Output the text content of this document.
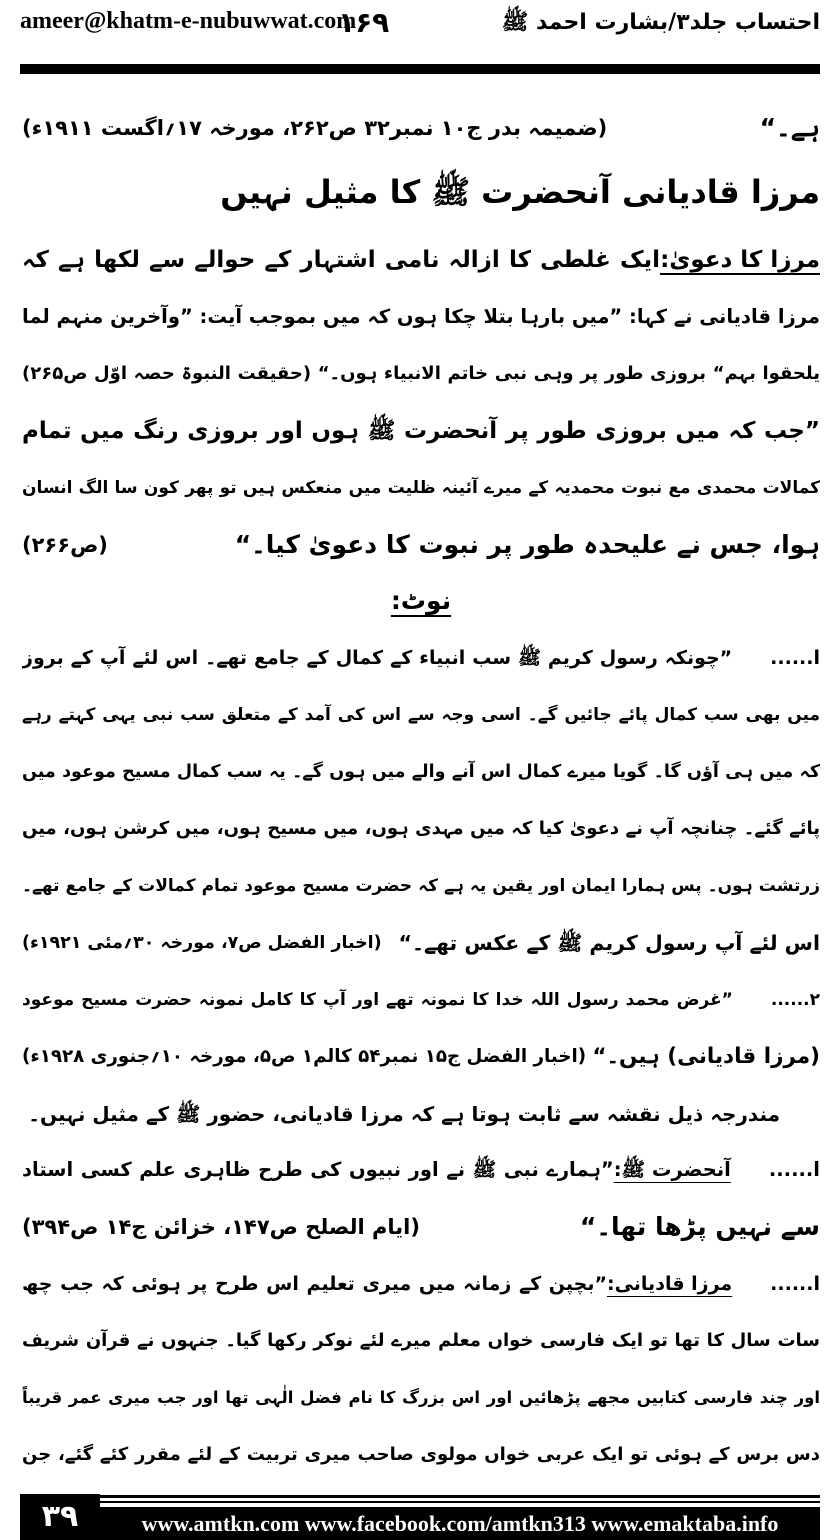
ameer@khatm-e-nubuwwat.com
۱۶۹	احتساب جلد۳/بشارت احمد ﷺ
ہے۔“
(ضمیمہ بدر ج۱۰ نمبر۳۲ ص۲۶۲، مورخہ ۱۷؍اگست ۱۹۱۱ء)
مرزا قادیانی آنحضرت ﷺ کا مثیل نہیں
مرزا کا دعویٰ:
ایک غلطی کا ازالہ نامی اشتہار کے حوالے سے لکھا ہے کہ
مرزا قادیانی نے کہا: ”میں بارہا بتلا چکا ہوں کہ میں بموجب آیت: ”وآخرین منہم لما
یلحقوا بہم“ بروزی طور پر وہی نبی خاتم الانبیاء ہوں۔“ (حقیقت النبوۃ حصہ اوّل ص۲۶۵)
”جب کہ میں بروزی طور پر آنحضرت ﷺ ہوں اور بروزی رنگ میں تمام
کمالات محمدی مع نبوت محمدیہ کے میرے آئینہ ظلیت میں منعکس ہیں تو پھر کون سا الگ انسان
ہوا، جس نے علیحدہ طور پر نبوت کا دعویٰ کیا۔“
(ص۲۶۶)
نوٹ:
ا......
”چونکہ رسول کریم ﷺ سب انبیاء کے کمال کے جامع تھے۔ اس لئے آپ کے بروز
میں بھی سب کمال پائے جائیں گے۔ اسی وجہ سے اس کی آمد کے متعلق سب نبی یہی کہتے رہے
کہ میں ہی آؤں گا۔ گویا میرے کمال اس آنے والے میں ہوں گے۔ یہ سب کمال مسیح موعود میں
پائے گئے۔ چنانچہ آپ نے دعویٰ کیا کہ میں مہدی ہوں، میں مسیح ہوں، میں کرشن ہوں، میں
زرتشت ہوں۔ پس ہمارا ایمان اور یقین یہ ہے کہ حضرت مسیح موعود تمام کمالات کے جامع تھے۔
اس لئے آپ رسول کریم ﷺ کے عکس تھے۔“
(اخبار الفضل ص۷، مورخہ ۳۰؍مئی ۱۹۲۱ء)
۲......
”غرض محمد رسول اللہ خدا کا نمونہ تھے اور آپ کا کامل نمونہ حضرت مسیح موعود
(مرزا قادیانی) ہیں۔“
(اخبار الفضل ج۱۵ نمبر۵۴ کالم۱ ص۵، مورخہ ۱۰؍جنوری ۱۹۲۸ء)
مندرجہ ذیل نقشہ سے ثابت ہوتا ہے کہ مرزا قادیانی، حضور ﷺ کے مثیل نہیں۔
ا......
آنحضرت ﷺ:
”ہمارے نبی ﷺ نے اور نبیوں کی طرح ظاہری علم کسی استاد
سے نہیں پڑھا تھا۔“
(ایام الصلح ص۱۴۷، خزائن ج۱۴ ص۳۹۴)
ا......
مرزا قادیانی:
”بچپن کے زمانہ میں میری تعلیم اس طرح پر ہوئی کہ جب چھ
سات سال کا تھا تو ایک فارسی خواں معلم میرے لئے نوکر رکھا گیا۔ جنہوں نے قرآن شریف
اور چند فارسی کتابیں مجھے پڑھائیں اور اس بزرگ کا نام فضل الٰہی تھا اور جب میری عمر قریباً
دس برس کے ہوئی تو ایک عربی خواں مولوی صاحب میری تربیت کے لئے مقرر کئے گئے، جن
۳۹	www.amtkn.com www.facebook.com/amtkn313 www.emaktaba.info
